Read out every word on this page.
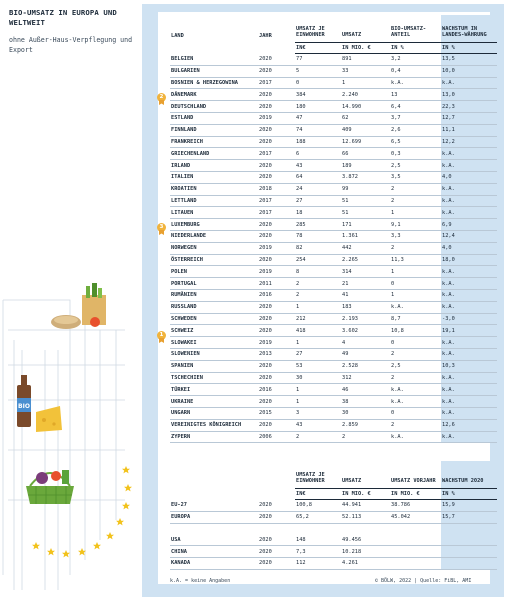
BIO-UMSATZ IN EUROPA UND WELTWEIT
ohne Außer-Haus-Verpflegung und Export
BIO
2
3
1
LAND	JAHR	UMSATZ JE EINWOHNER	UMSATZ	BIO-UMSATZ-ANTEIL	WACHSTUM IN LANDES-WÄHRUNG
		IN€	IN MIO. €	IN %	IN %
BELGIEN	2020	77	891	3,2	13,5
BULGARIEN	2020	5	33	0,4	10,0
BOSNIEN & HERZEGOWINA	2017	0	1	k.A.	k.A.
DÄNEMARK	2020	384	2.240	13	13,0
DEUTSCHLAND	2020	180	14.990	6,4	22,3
ESTLAND	2019	47	62	3,7	12,7
FINNLAND	2020	74	409	2,6	11,1
FRANKREICH	2020	188	12.699	6,5	12,2
GRIECHENLAND	2017	6	66	0,3	k.A.
IRLAND	2020	43	189	2,5	k.A.
ITALIEN	2020	64	3.872	3,5	4,0
KROATIEN	2018	24	99	2	k.A.
LETTLAND	2017	27	51	2	k.A.
LITAUEN	2017	18	51	1	k.A.
LUXEMBURG	2020	285	171	9,1	6,9
NIEDERLANDE	2020	78	1.361	3,3	12,4
NORWEGEN	2019	82	442	2	4,0
ÖSTERREICH	2020	254	2.265	11,3	18,0
POLEN	2019	8	314	1	k.A.
PORTUGAL	2011	2	21	0	k.A.
RUMÄNIEN	2016	2	41	1	k.A.
RUSSLAND	2020	1	183	k.A.	k.A.
SCHWEDEN	2020	212	2.193	8,7	-3,0
SCHWEIZ	2020	418	3.602	10,8	19,1
SLOWAKEI	2019	1	4	0	k.A.
SLOWENIEN	2013	27	49	2	k.A.
SPANIEN	2020	53	2.528	2,5	10,3
TSCHECHIEN	2020	30	312	2	k.A.
TÜRKEI	2016	1	46	k.A.	k.A.
UKRAINE	2020	1	38	k.A.	k.A.
UNGARN	2015	3	30	0	k.A.
VEREINIGTES KÖNIGREICH	2020	43	2.859	2	12,6
ZYPERN	2006	2	2	k.A.	k.A.
		UMSATZ JE EINWOHNER	UMSATZ	UMSATZ VORJAHR	WACHSTUM 2020
		IN€	IN MIO. €	IN MIO. €	IN %
EU-27	2020	100,8	44.941	38.786	15,9
EUROPA	2020	65,2	52.113	45.042	15,7

USA	2020	148	49.456		
CHINA	2020	7,3	10.218		
KANADA	2020	112	4.261		
k.A. = keine Angaben	© BÖLW, 2022 | Quelle: FiBL, AMI
